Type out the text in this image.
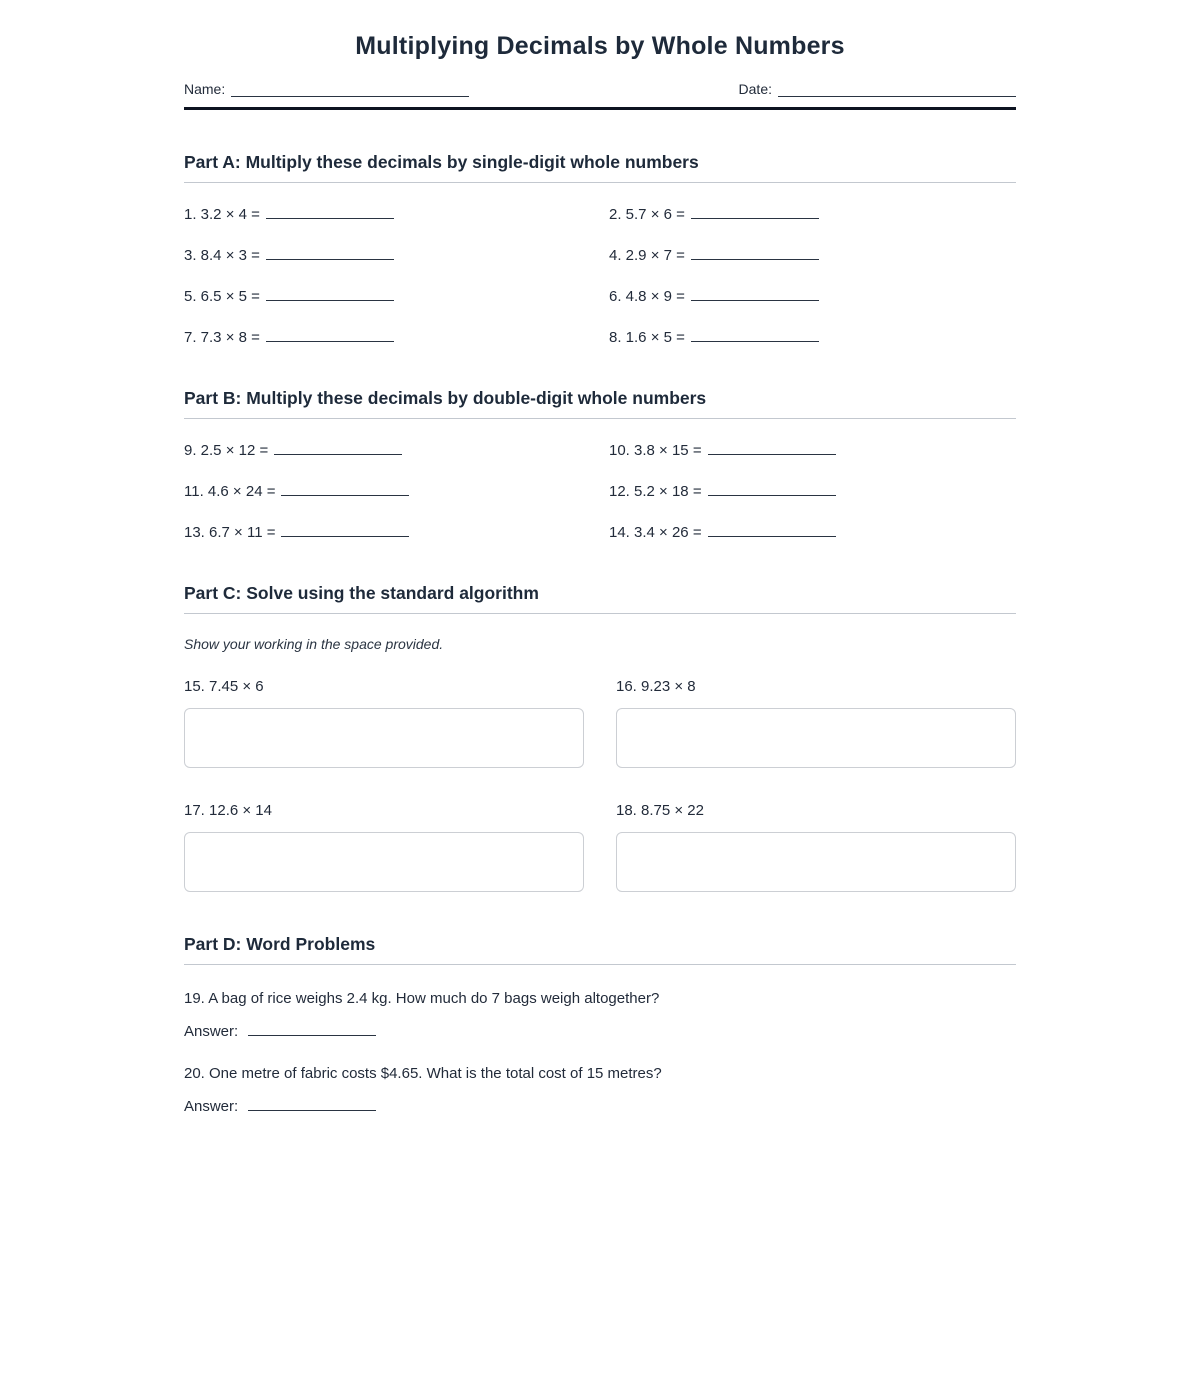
Multiplying Decimals by Whole Numbers
Name:	Date:
Part A: Multiply these decimals by single-digit whole numbers
1. 3.2 × 4 =	2. 5.7 × 6 =
3. 8.4 × 3 =	4. 2.9 × 7 =
5. 6.5 × 5 =	6. 4.8 × 9 =
7. 7.3 × 8 =	8. 1.6 × 5 =
Part B: Multiply these decimals by double-digit whole numbers
9. 2.5 × 12 =	10. 3.8 × 15 =
11. 4.6 × 24 =	12. 5.2 × 18 =
13. 6.7 × 11 =	14. 3.4 × 26 =
Part C: Solve using the standard algorithm
Show your working in the space provided.
15. 7.45 × 6	16. 9.23 × 8
17. 12.6 × 14	18. 8.75 × 22
Part D: Word Problems
19. A bag of rice weighs 2.4 kg. How much do 7 bags weigh altogether?
Answer:
20. One metre of fabric costs $4.65. What is the total cost of 15 metres?
Answer:
